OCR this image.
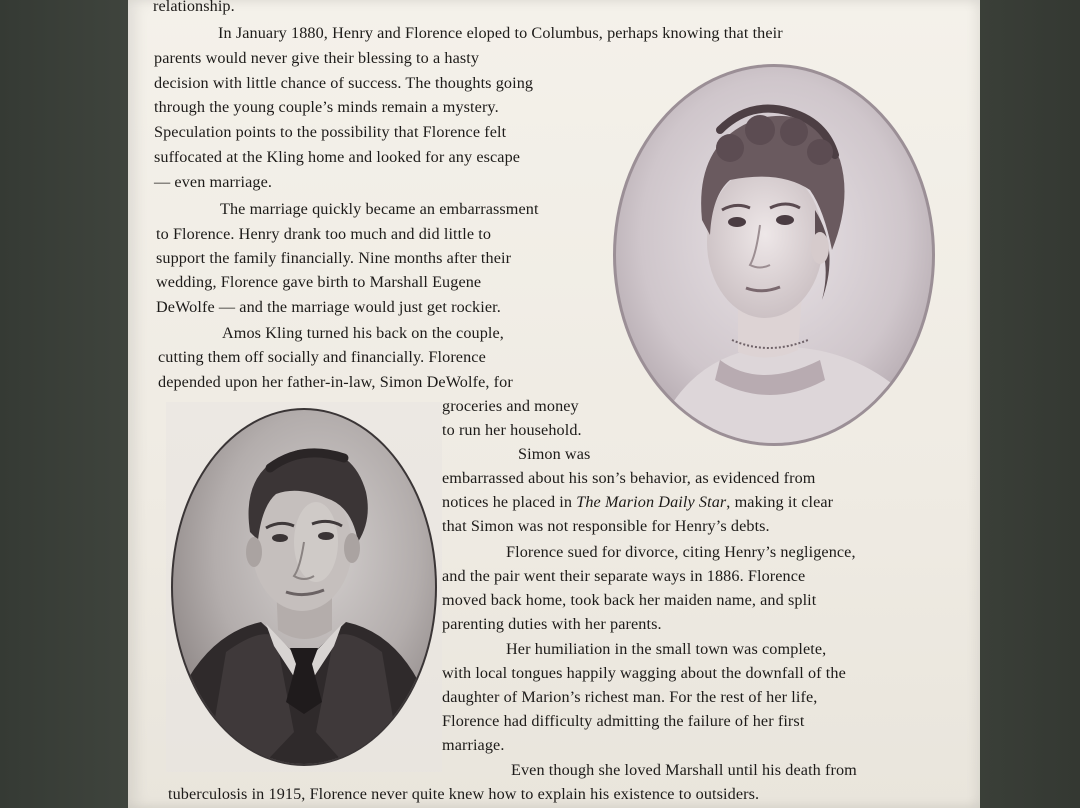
relationship.

In January 1880, Henry and Florence eloped to Columbus, perhaps knowing that their

parents would never give their blessing to a hasty

decision with little chance of success. The thoughts going

through the young couple’s minds remain a mystery.

Speculation points to the possibility that Florence felt

suffocated at the Kling home and looked for any escape

— even marriage.

The marriage quickly became an embarrassment

to Florence. Henry drank too much and did little to

support the family financially. Nine months after their

wedding, Florence gave birth to Marshall Eugene

DeWolfe — and the marriage would just get rockier.

Amos Kling turned his back on the couple,

cutting them off socially and financially. Florence

depended upon her father-in-law, Simon DeWolfe, for

groceries and money

to run her household.

Simon was

embarrassed about his son’s behavior, as evidenced from

notices he placed in The Marion Daily Star, making it clear

that Simon was not responsible for Henry’s debts.

Florence sued for divorce, citing Henry’s negligence,

and the pair went their separate ways in 1886. Florence

moved back home, took back her maiden name, and split

parenting duties with her parents.

Her humiliation in the small town was complete,

with local tongues happily wagging about the downfall of the

daughter of Marion’s richest man. For the rest of her life,

Florence had difficulty admitting the failure of her first

marriage.

Even though she loved Marshall until his death from

tuberculosis in 1915, Florence never quite knew how to explain his existence to outsiders.
